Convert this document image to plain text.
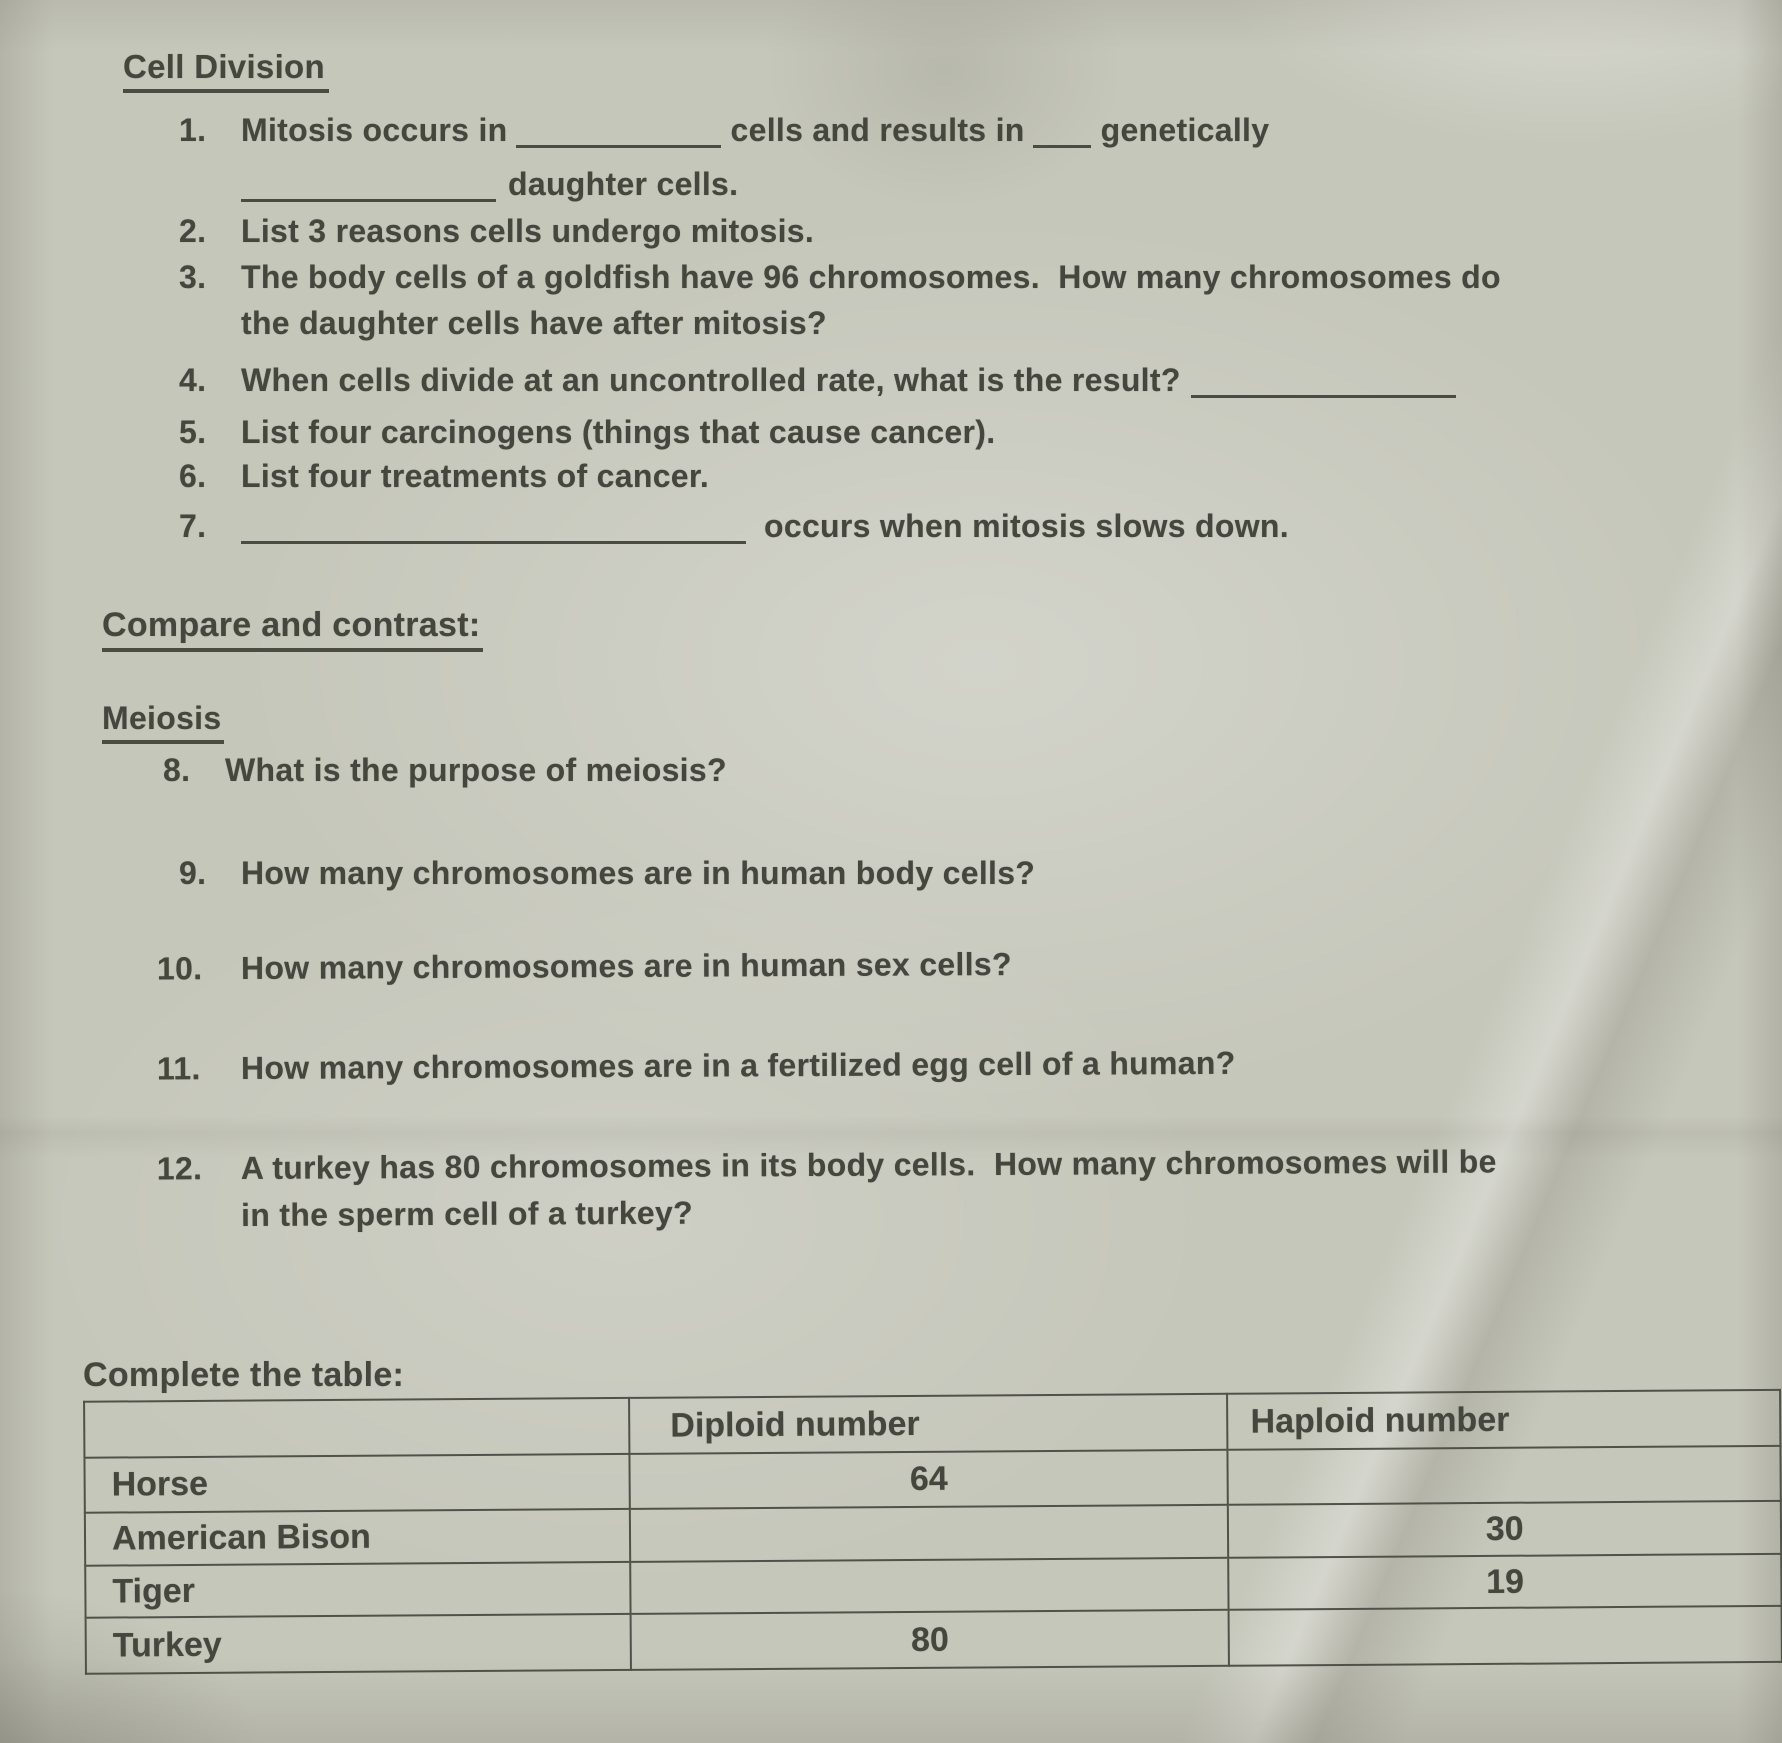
Cell Division
1. Mitosis occurs in	cells and results in genetically
daughter cells.
2. List 3 reasons cells undergo mitosis.
3. The body cells of a goldfish have 96 chromosomes.  How many chromosomes do
the daughter cells have after mitosis?
4. When cells divide at an uncontrolled rate, what is the result?
5. List four carcinogens (things that cause cancer).
6. List four treatments of cancer.
7.	occurs when mitosis slows down.
Compare and contrast:
Meiosis
8. What is the purpose of meiosis?
9. How many chromosomes are in human body cells?
10. How many chromosomes are in human sex cells?
11. How many chromosomes are in a fertilized egg cell of a human?
12. A turkey has 80 chromosomes in its body cells.  How many chromosomes will be
in the sperm cell of a turkey?
Complete the table:
	Diploid number	Haploid number
Horse	64	
American Bison		30
Tiger		19
Turkey	80	
